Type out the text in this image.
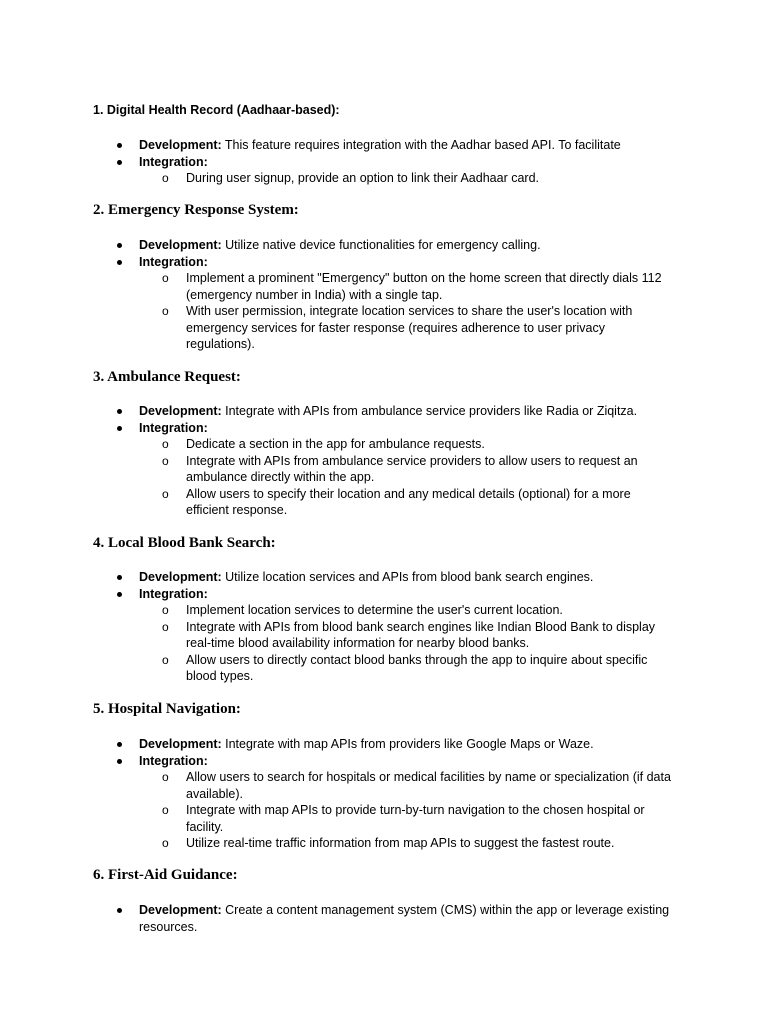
1. Digital Health Record (Aadhaar-based):
Development: This feature requires integration with the Aadhar based API. To facilitate
Integration:
o During user signup, provide an option to link their Aadhaar card.
2. Emergency Response System:
Development: Utilize native device functionalities for emergency calling.
Integration:
o Implement a prominent "Emergency" button on the home screen that directly dials 112 (emergency number in India) with a single tap.
o With user permission, integrate location services to share the user's location with emergency services for faster response (requires adherence to user privacy regulations).
3. Ambulance Request:
Development: Integrate with APIs from ambulance service providers like Radia or Ziqitza.
Integration:
o Dedicate a section in the app for ambulance requests.
o Integrate with APIs from ambulance service providers to allow users to request an ambulance directly within the app.
o Allow users to specify their location and any medical details (optional) for a more efficient response.
4. Local Blood Bank Search:
Development: Utilize location services and APIs from blood bank search engines.
Integration:
o Implement location services to determine the user's current location.
o Integrate with APIs from blood bank search engines like Indian Blood Bank to display real-time blood availability information for nearby blood banks.
o Allow users to directly contact blood banks through the app to inquire about specific blood types.
5. Hospital Navigation:
Development: Integrate with map APIs from providers like Google Maps or Waze.
Integration:
o Allow users to search for hospitals or medical facilities by name or specialization (if data available).
o Integrate with map APIs to provide turn-by-turn navigation to the chosen hospital or facility.
o Utilize real-time traffic information from map APIs to suggest the fastest route.
6. First-Aid Guidance:
Development: Create a content management system (CMS) within the app or leverage existing resources.
